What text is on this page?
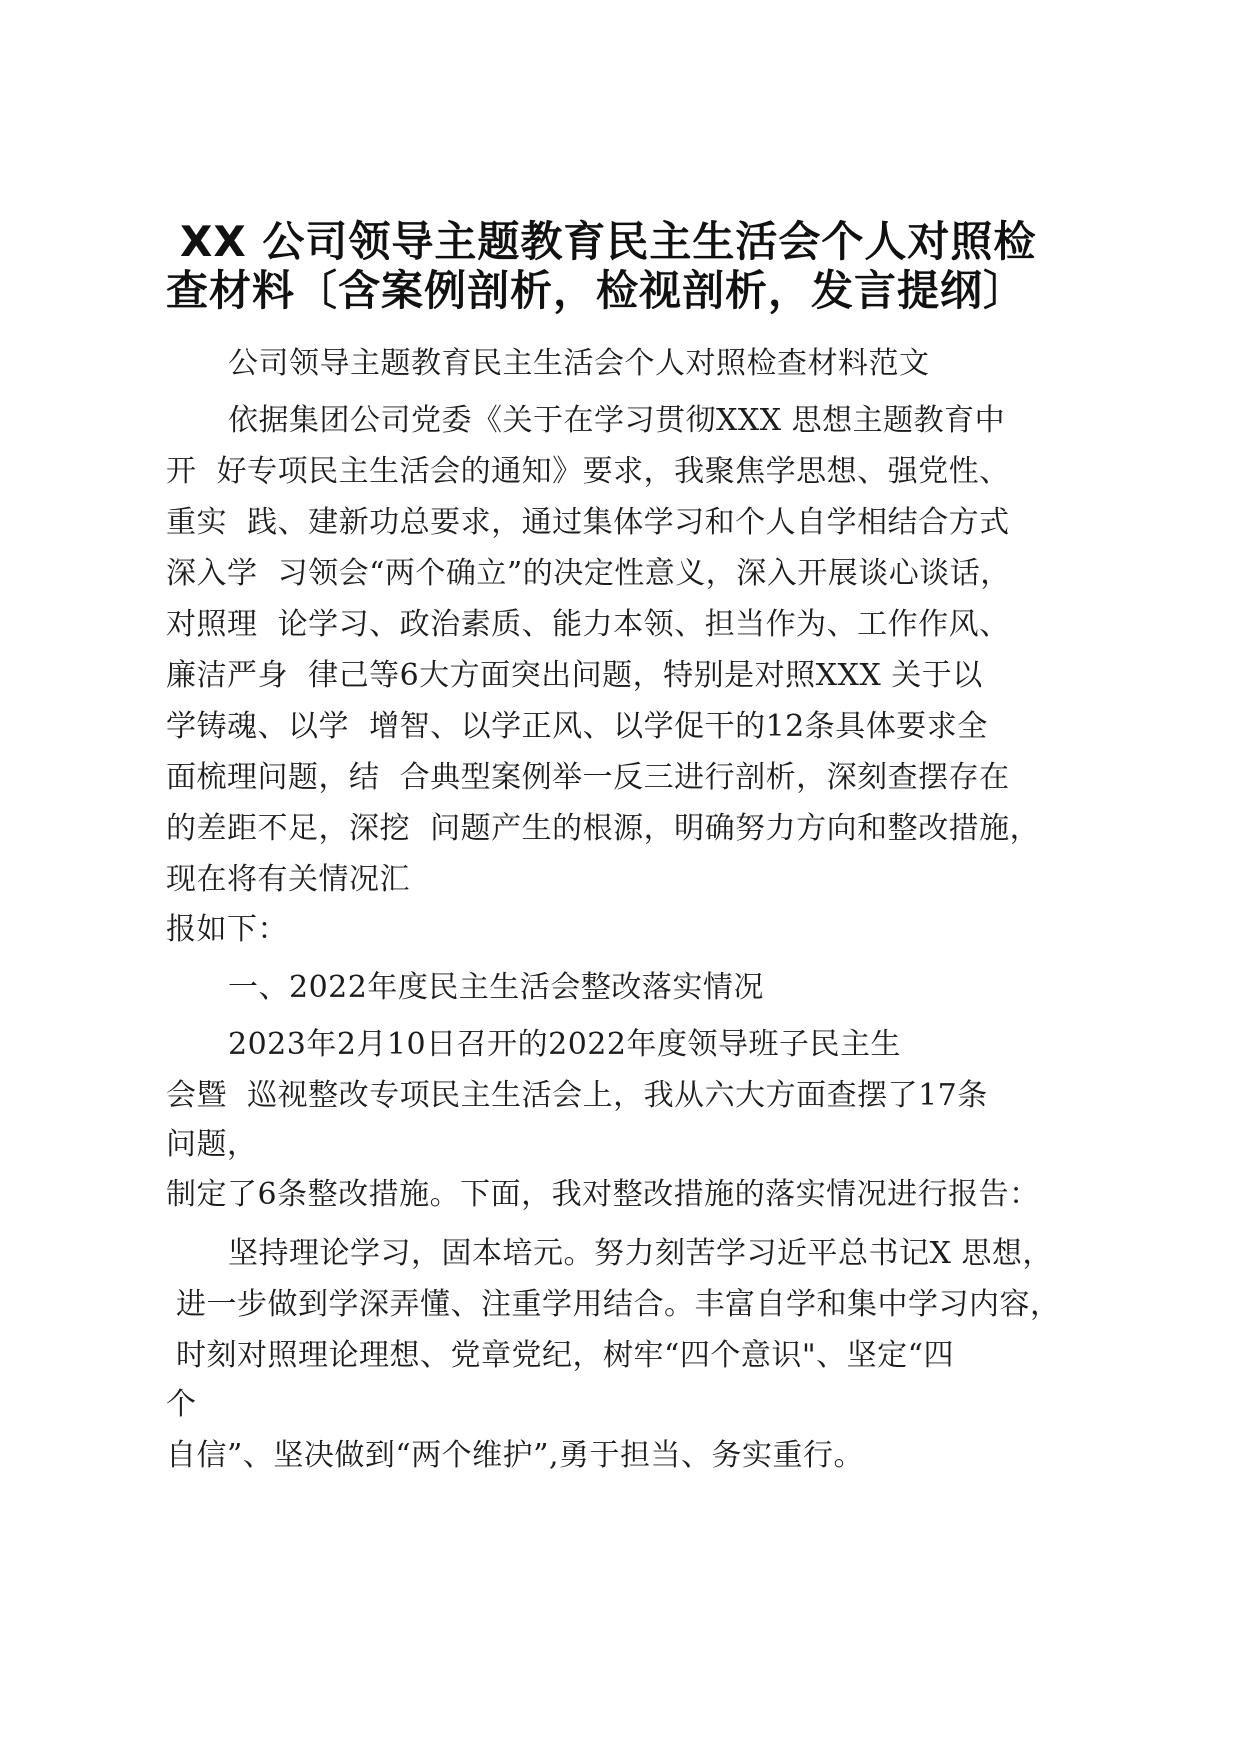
XX 公司领导主题教育民主生活会个人对照检
查材料〔含案例剖析，检视剖析，发言提纲〕
公司领导主题教育民主生活会个人对照检查材料范文
依据集团公司党委《关于在学习贯彻XXX 思想主题教育中
开  好专项民主生活会的通知》要求，我聚焦学思想、强党性、
重实  践、建新功总要求，通过集体学习和个人自学相结合方式
深入学  习领会“两个确立”的决定性意义，深入开展谈心谈话，
对照理  论学习、政治素质、能力本领、担当作为、工作作风、
廉洁严身  律己等6大方面突出问题，特别是对照XXX 关于以
学铸魂、以学  增智、以学正风、以学促干的12条具体要求全
面梳理问题，结  合典型案例举一反三进行剖析，深刻查摆存在
的差距不足，深挖  问题产生的根源，明确努力方向和整改措施，
现在将有关情况汇
报如下：
一、2022年度民主生活会整改落实情况
2023年2月10日召开的2022年度领导班子民主生
会暨  巡视整改专项民主生活会上，我从六大方面查摆了17条
问题，
制定了6条整改措施。下面，我对整改措施的落实情况进行报告：
坚持理论学习，固本培元。努力刻苦学习近平总书记X 思想，
进一步做到学深弄懂、注重学用结合。丰富自学和集中学习内容，
时刻对照理论理想、党章党纪，树牢“四个意识"、坚定“四
个
自信”、坚决做到“两个维护”,勇于担当、务实重行。
